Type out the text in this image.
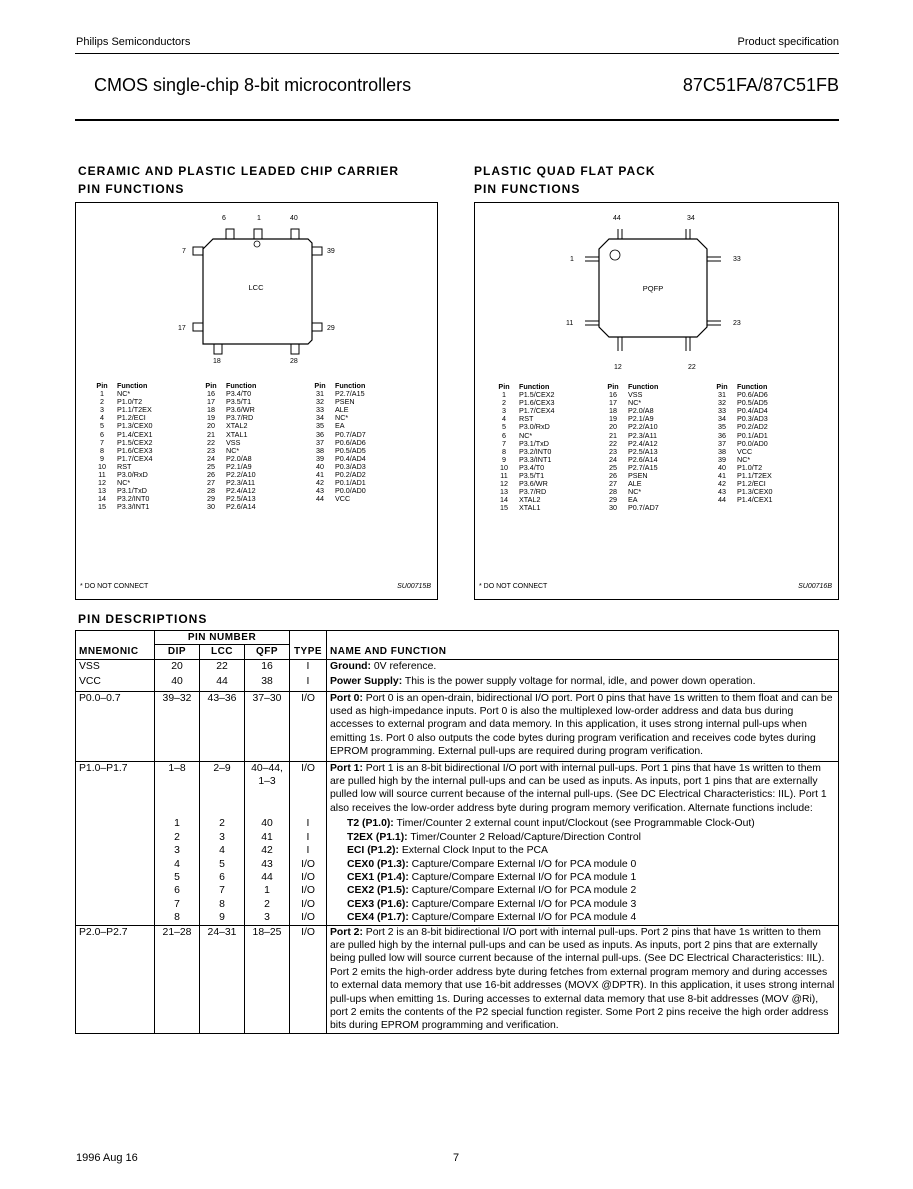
Philips Semiconductors	Product specification
CMOS single-chip 8-bit microcontrollers	87C51FA/87C51FB
CERAMIC AND PLASTIC LEADED CHIP CARRIER
PIN FUNCTIONS
LCC
6	1	40
7	39
17	29
18	28
Pin	Function	Pin	Function	Pin	Function
1	NC*	16	P3.4/T0	31	P2.7/A15
2	P1.0/T2	17	P3.5/T1	32	PSEN
3	P1.1/T2EX	18	P3.6/WR	33	ALE
4	P1.2/ECI	19	P3.7/RD	34	NC*
5	P1.3/CEX0	20	XTAL2	35	EA
6	P1.4/CEX1	21	XTAL1	36	P0.7/AD7
7	P1.5/CEX2	22	VSS	37	P0.6/AD6
8	P1.6/CEX3	23	NC*	38	P0.5/AD5
9	P1.7/CEX4	24	P2.0/A8	39	P0.4/AD4
10	RST	25	P2.1/A9	40	P0.3/AD3
11	P3.0/RxD	26	P2.2/A10	41	P0.2/AD2
12	NC*	27	P2.3/A11	42	P0.1/AD1
13	P3.1/TxD	28	P2.4/A12	43	P0.0/AD0
14	P3.2/INT0	29	P2.5/A13	44	VCC
15	P3.3/INT1	30	P2.6/A14
* DO NOT CONNECT	SU00715B
PLASTIC QUAD FLAT PACK
PIN FUNCTIONS
PQFP
44	34
1	33
11	23
12	22
Pin	Function	Pin	Function	Pin	Function
1	P1.5/CEX2	16	VSS	31	P0.6/AD6
2	P1.6/CEX3	17	NC*	32	P0.5/AD5
3	P1.7/CEX4	18	P2.0/A8	33	P0.4/AD4
4	RST	19	P2.1/A9	34	P0.3/AD3
5	P3.0/RxD	20	P2.2/A10	35	P0.2/AD2
6	NC*	21	P2.3/A11	36	P0.1/AD1
7	P3.1/TxD	22	P2.4/A12	37	P0.0/AD0
8	P3.2/INT0	23	P2.5/A13	38	VCC
9	P3.3/INT1	24	P2.6/A14	39	NC*
10	P3.4/T0	25	P2.7/A15	40	P1.0/T2
11	P3.5/T1	26	PSEN	41	P1.1/T2EX
12	P3.6/WR	27	ALE	42	P1.2/ECI
13	P3.7/RD	28	NC*	43	P1.3/CEX0
14	XTAL2	29	EA	44	P1.4/CEX1
15	XTAL1	30	P0.7/AD7
* DO NOT CONNECT	SU00716B
PIN DESCRIPTIONS
	PIN NUMBER				
MNEMONIC	DIP	LCC	QFP	TYPE	NAME AND FUNCTION
VSS	20	22	16	I	Ground: 0V reference.
VCC	40	44	38	I	Power Supply: This is the power supply voltage for normal, idle, and power down operation.
P0.0–0.7	39–32	43–36	37–30	I/O	Port 0: Port 0 is an open-drain, bidirectional I/O port. Port 0 pins that have 1s written to them float and can be used as high-impedance inputs. Port 0 is also the multiplexed low-order address and data bus during accesses to external program and data memory. In this application, it uses strong internal pull-ups when emitting 1s. Port 0 also outputs the code bytes during program verification and receives code bytes during EPROM programming. External pull-ups are required during program verification.
P1.0–P1.7	1–8	2–9	40–44, 1–3	I/O	Port 1: Port 1 is an 8-bit bidirectional I/O port with internal pull-ups. Port 1 pins that have 1s written to them are pulled high by the internal pull-ups and can be used as inputs. As inputs, port 1 pins that are externally pulled low will source current because of the internal pull-ups. (See DC Electrical Characteristics: IIL). Port 1 also receives the low-order address byte during program memory verification. Alternate functions include:
	1	2	40	I	T2 (P1.0): Timer/Counter 2 external count input/Clockout (see Programmable Clock-Out)
	2	3	41	I	T2EX (P1.1): Timer/Counter 2 Reload/Capture/Direction Control
	3	4	42	I	ECI (P1.2): External Clock Input to the PCA
	4	5	43	I/O	CEX0 (P1.3): Capture/Compare External I/O for PCA module 0
	5	6	44	I/O	CEX1 (P1.4): Capture/Compare External I/O for PCA module 1
	6	7	1	I/O	CEX2 (P1.5): Capture/Compare External I/O for PCA module 2
	7	8	2	I/O	CEX3 (P1.6): Capture/Compare External I/O for PCA module 3
	8	9	3	I/O	CEX4 (P1.7): Capture/Compare External I/O for PCA module 4
P2.0–P2.7	21–28	24–31	18–25	I/O	Port 2: Port 2 is an 8-bit bidirectional I/O port with internal pull-ups. Port 2 pins that have 1s written to them are pulled high by the internal pull-ups and can be used as inputs. As inputs, port 2 pins that are externally being pulled low will source current because of the internal pull-ups. (See DC Electrical Characteristics: IIL). Port 2 emits the high-order address byte during fetches from external program memory and during accesses to external data memory that use 16-bit addresses (MOVX @DPTR). In this application, it uses strong internal pull-ups when emitting 1s. During accesses to external data memory that use 8-bit addresses (MOV @Ri), port 2 emits the contents of the P2 special function register. Some Port 2 pins receive the high order address bits during EPROM programming and verification.
1996 Aug 16	7
